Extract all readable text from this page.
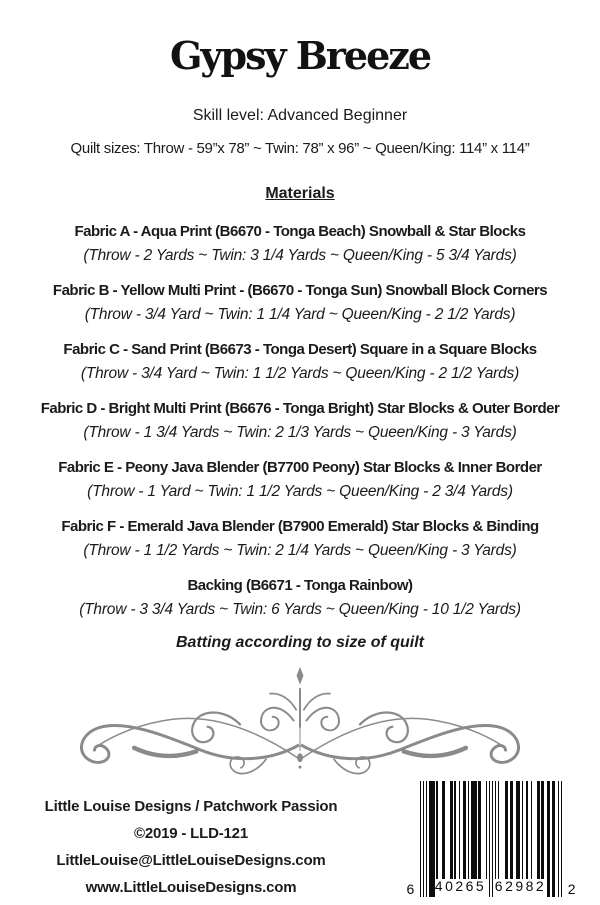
Gypsy Breeze
Skill level: Advanced Beginner
Quilt sizes: Throw - 59”x 78” ~ Twin: 78” x 96” ~ Queen/King: 114” x 114”
Materials
Fabric A - Aqua Print (B6670 - Tonga Beach) Snowball & Star Blocks
(Throw - 2 Yards ~ Twin: 3 1/4 Yards ~ Queen/King - 5 3/4 Yards)
Fabric B - Yellow Multi Print - (B6670 - Tonga Sun) Snowball Block Corners
(Throw - 3/4 Yard ~ Twin: 1 1/4 Yard ~ Queen/King - 2 1/2 Yards)
Fabric C - Sand Print (B6673 - Tonga Desert) Square in a Square Blocks
(Throw - 3/4 Yard ~ Twin: 1 1/2 Yards ~ Queen/King - 2 1/2 Yards)
Fabric D - Bright Multi Print (B6676 - Tonga Bright) Star Blocks & Outer Border
(Throw - 1 3/4 Yards ~ Twin: 2 1/3 Yards ~ Queen/King - 3 Yards)
Fabric E - Peony Java Blender (B7700 Peony) Star Blocks & Inner Border
(Throw - 1 Yard ~ Twin: 1 1/2 Yards ~ Queen/King - 2 3/4 Yards)
Fabric F - Emerald Java Blender (B7900 Emerald) Star Blocks & Binding
(Throw - 1 1/2 Yards ~ Twin: 2 1/4 Yards ~ Queen/King - 3 Yards)
Backing (B6671 - Tonga Rainbow)
(Throw - 3 3/4 Yards ~ Twin: 6 Yards ~ Queen/King - 10 1/2 Yards)
Batting according to size of quilt
Little Louise Designs / Patchwork Passion
©2019 - LLD-121
LittleLouise@LittleLouiseDesigns.com
www.LittleLouiseDesigns.com	6 40265 62982 2
